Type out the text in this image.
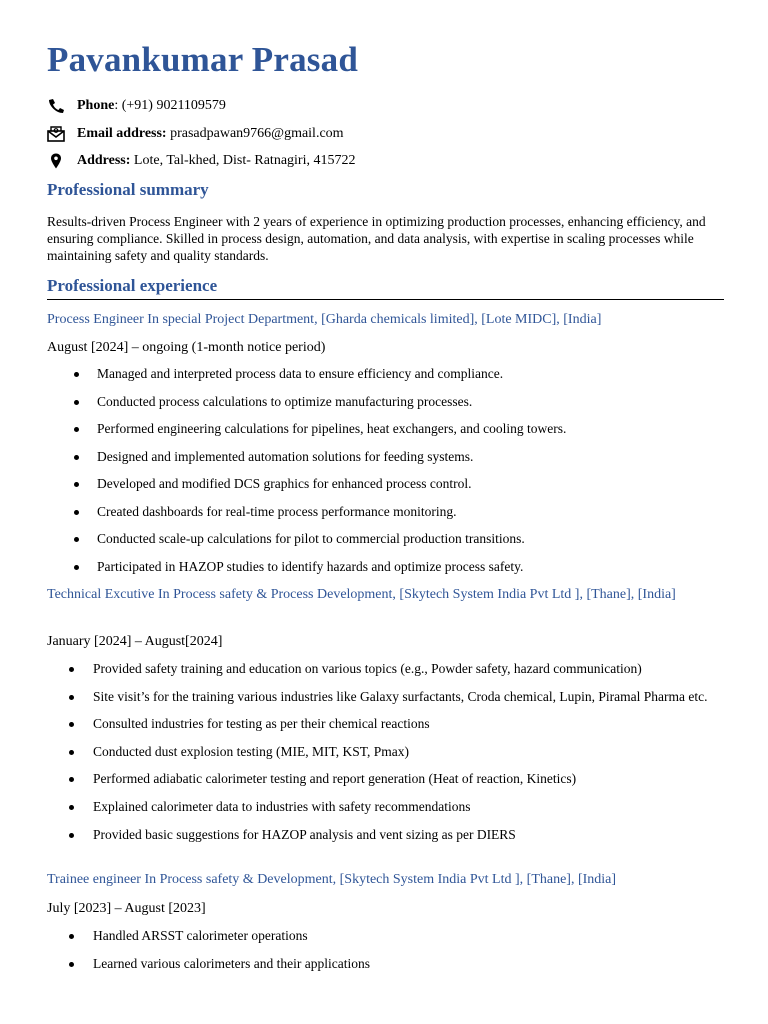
Pavankumar Prasad
Phone: (+91) 9021109579
Email address: prasadpawan9766@gmail.com
Address: Lote, Tal-khed, Dist- Ratnagiri, 415722
Professional summary
Results-driven Process Engineer with 2 years of experience in optimizing production processes, enhancing efficiency, and ensuring compliance. Skilled in process design, automation, and data analysis, with expertise in scaling processes while maintaining safety and quality standards.
Professional experience
Process Engineer In special Project Department, [Gharda chemicals limited], [Lote MIDC], [India]
August [2024] – ongoing (1-month notice period)
Managed and interpreted process data to ensure efficiency and compliance.
Conducted process calculations to optimize manufacturing processes.
Performed engineering calculations for pipelines, heat exchangers, and cooling towers.
Designed and implemented automation solutions for feeding systems.
Developed and modified DCS graphics for enhanced process control.
Created dashboards for real-time process performance monitoring.
Conducted scale-up calculations for pilot to commercial production transitions.
Participated in HAZOP studies to identify hazards and optimize process safety.
Technical Excutive In Process safety & Process Development, [Skytech System India Pvt Ltd ], [Thane], [India]
January [2024] – August[2024]
Provided safety training and education on various topics (e.g., Powder safety, hazard communication)
Site visit’s for the training various industries like Galaxy surfactants, Croda chemical, Lupin, Piramal Pharma etc.
Consulted industries for testing as per their chemical reactions
Conducted dust explosion testing (MIE, MIT, KST, Pmax)
Performed adiabatic calorimeter testing and report generation (Heat of reaction, Kinetics)
Explained calorimeter data to industries with safety recommendations
Provided basic suggestions for HAZOP analysis and vent sizing as per DIERS
Trainee engineer In Process safety & Development, [Skytech System India Pvt Ltd ], [Thane], [India]
July [2023] – August [2023]
Handled ARSST calorimeter operations
Learned various calorimeters and their applications
